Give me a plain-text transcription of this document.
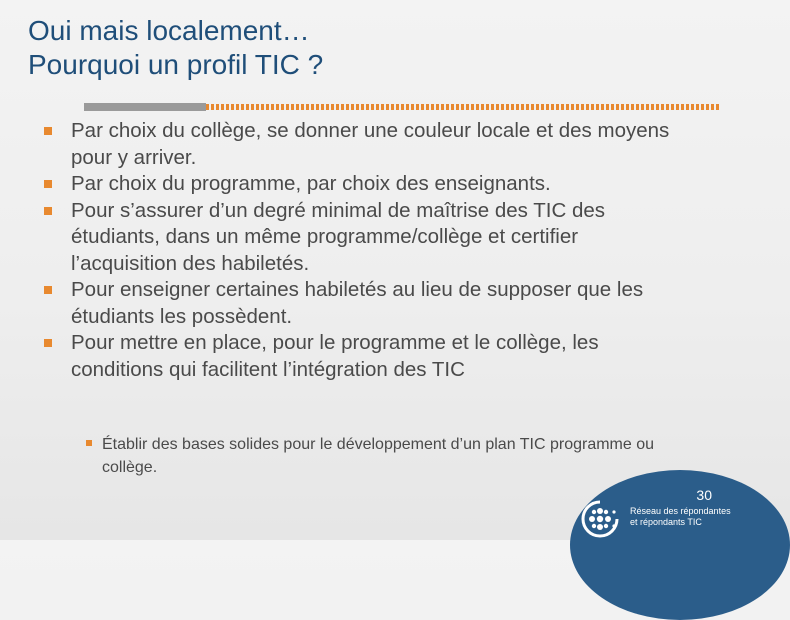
Oui mais localement…
Pourquoi un profil TIC ?
Par choix du collège, se donner une couleur locale et des moyens pour y arriver.
Par choix du programme, par choix des enseignants.
Pour s’assurer d’un degré minimal de maîtrise des TIC des étudiants, dans un même programme/collège et certifier l’acquisition des habiletés.
Pour enseigner certaines habiletés au lieu de supposer que les étudiants les possèdent.
Pour mettre en place, pour le programme et le collège, les conditions qui facilitent l’intégration des TIC
Établir des bases solides pour le développement d’un plan TIC programme ou collège.
30
Réseau des répondantes
et répondants TIC
